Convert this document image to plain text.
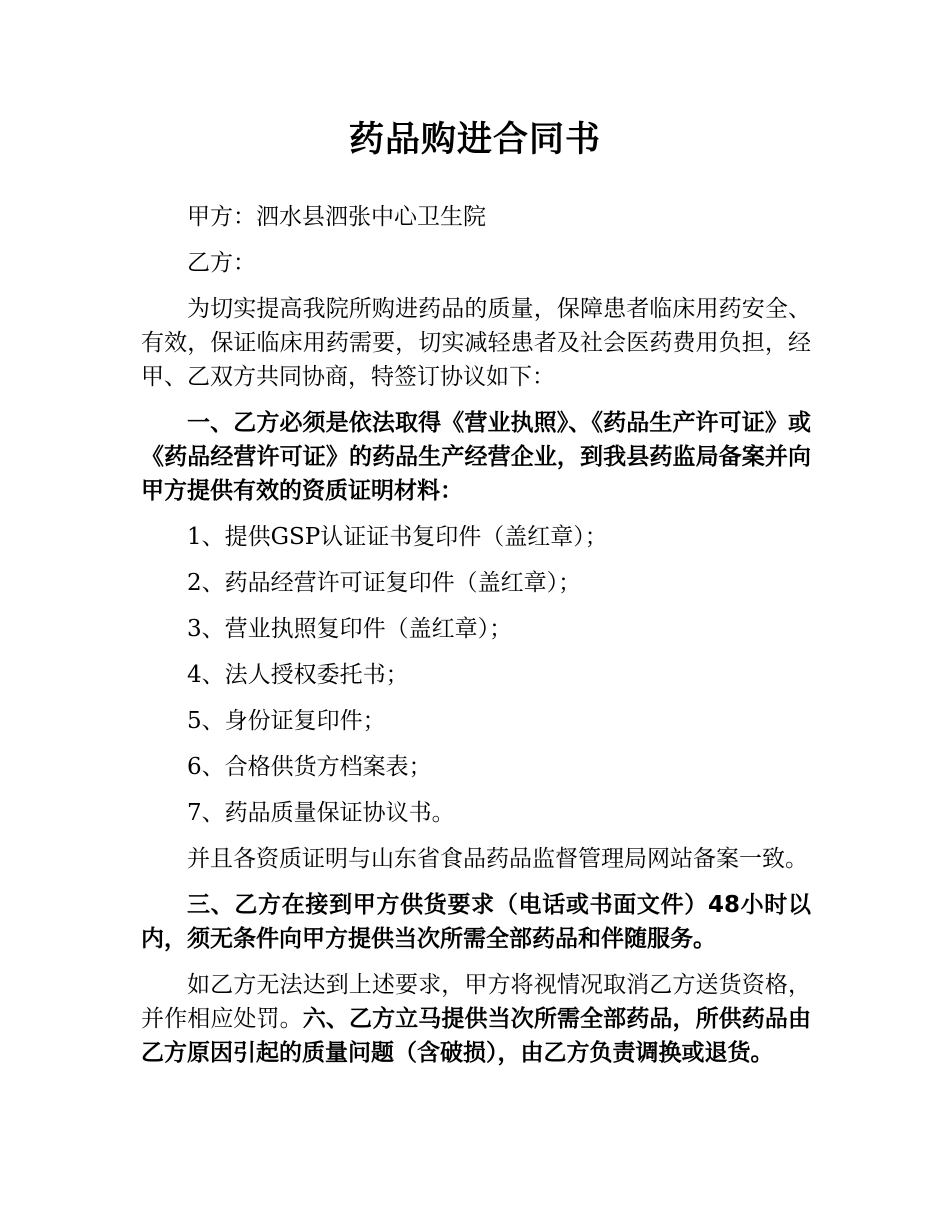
药品购进合同书

甲方：泗水县泗张中心卫生院

乙方：

为切实提高我院所购进药品的质量，保障患者临床用药安全、有效，保证临床用药需要，切实减轻患者及社会医药费用负担，经甲、乙双方共同协商，特签订协议如下：

一、乙方必须是依法取得《营业执照》、《药品生产许可证》或《药品经营许可证》的药品生产经营企业，到我县药监局备案并向甲方提供有效的资质证明材料：

1、提供GSP认证证书复印件（盖红章）；

2、药品经营许可证复印件（盖红章）；

3、营业执照复印件（盖红章）；

4、法人授权委托书；

5、身份证复印件；

6、合格供货方档案表；

7、药品质量保证协议书。

并且各资质证明与山东省食品药品监督管理局网站备案一致。

三、乙方在接到甲方供货要求（电话或书面文件）48小时以内，须无条件向甲方提供当次所需全部药品和伴随服务。

如乙方无法达到上述要求，甲方将视情况取消乙方送货资格，并作相应处罚。六、乙方立马提供当次所需全部药品，所供药品由乙方原因引起的质量问题（含破损），由乙方负责调换或退货。
